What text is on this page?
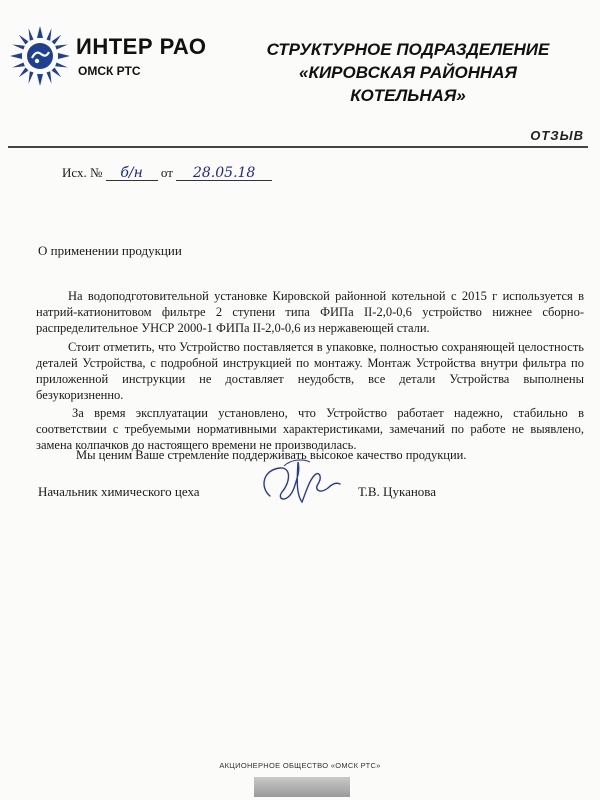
ИНТЕР РАО
ОМСК РТС
СТРУКТУРНОЕ ПОДРАЗДЕЛЕНИЕ
«КИРОВСКАЯ РАЙОННАЯ
КОТЕЛЬНАЯ»
ОТЗЫВ
Исх. № б/н от 28.05.18
О применении продукции
На водоподготовительной установке Кировской районной котельной с 2015 г используется в натрий-катионитовом фильтре 2 ступени типа ФИПа II-2,0-0,6 устройство нижнее сборно-распределительное УНСР 2000-1 ФИПа II-2,0-0,6 из нержавеющей стали.
Стоит отметить, что Устройство поставляется в упаковке, полностью сохраняющей целостность деталей Устройства, с подробной инструкцией по монтажу. Монтаж Устройства внутри фильтра по приложенной инструкции не доставляет неудобств, все детали Устройства выполнены безукоризненно.
За время эксплуатации установлено, что Устройство работает надежно, стабильно в соответствии с требуемыми нормативными характеристиками, замечаний по работе не выявлено, замена колпачков до настоящего времени не производилась.
Мы ценим Ваше стремление поддерживать высокое качество продукции.
Начальник химического цеха	Т.В. Цуканова
АКЦИОНЕРНОЕ ОБЩЕСТВО «ОМСК РТС»
